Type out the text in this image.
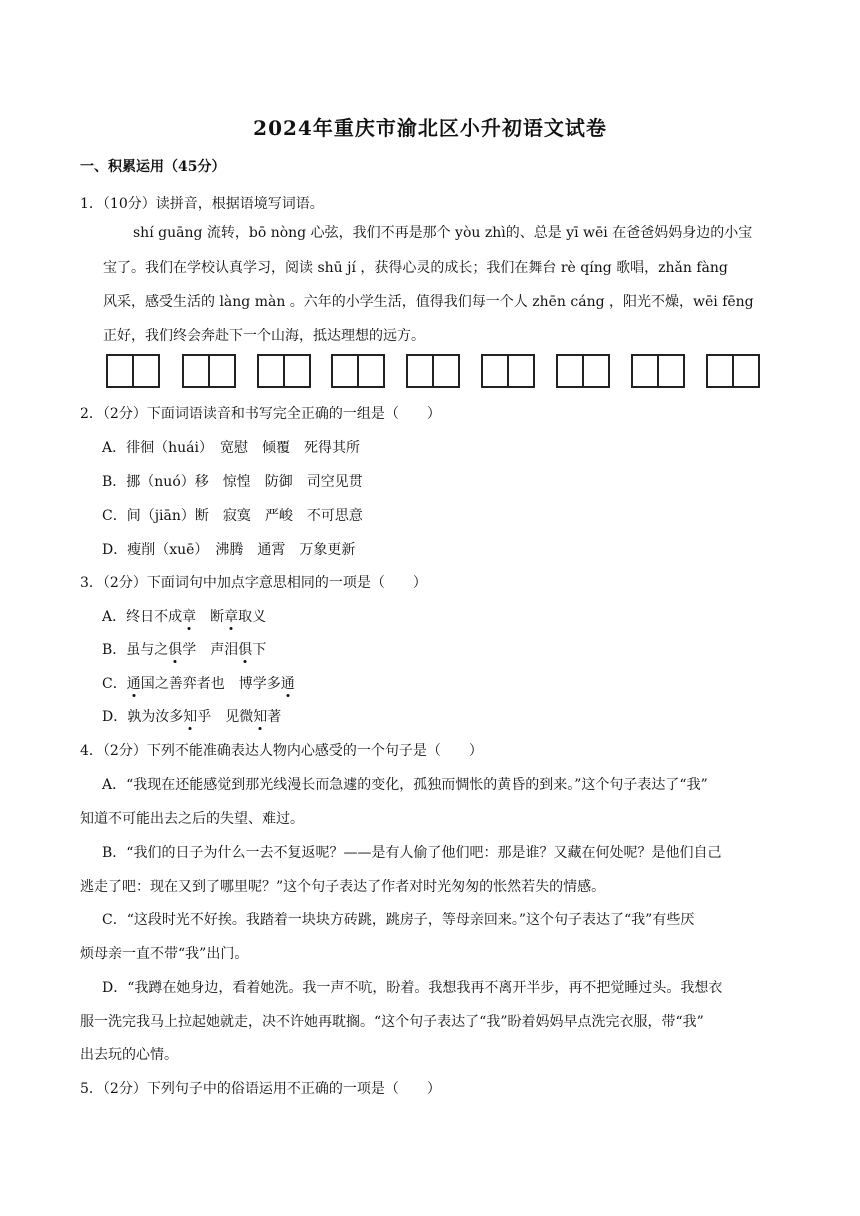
2024年重庆市渝北区小升初语文试卷
一、积累运用（45分）
1．（10分）读拼音，根据语境写词语。
shí guāng 流转，bō nòng 心弦，我们不再是那个 yòu zhì的、总是 yī wēi 在爸爸妈妈身边的小宝
宝了。我们在学校认真学习，阅读 shū jí ，获得心灵的成长；我们在舞台 rè qíng 歌唱，zhǎn fàng
风采，感受生活的 làng màn 。六年的小学生活，值得我们每一个人 zhēn cáng ，阳光不燥，wēi fēng
正好，我们终会奔赴下一个山海，抵达理想的远方。
2．（2分）下面词语读音和书写完全正确的一组是（　　）
A．徘徊（huái）　宽慰　倾覆　死得其所
B．挪（nuó）移　惊惶　防御　司空见贯
C．间（jiān）断　寂寞　严峻　不可思意
D．瘦削（xuē）　沸腾　通霄　万象更新
3．（2分）下面词句中加点字意思相同的一项是（　　）
A．终日不成章　断章取义
B．虽与之俱学　声泪俱下
C．通国之善弈者也　博学多通
D．孰为汝多知乎　见微知著
4．（2分）下列不能准确表达人物内心感受的一个句子是（　　）
A．“我现在还能感觉到那光线漫长而急遽的变化，孤独而惆怅的黄昏的到来。”这个句子表达了“我”
知道不可能出去之后的失望、难过。
B．“我们的日子为什么一去不复返呢？——是有人偷了他们吧：那是谁？又藏在何处呢？是他们自己
逃走了吧：现在又到了哪里呢？”这个句子表达了作者对时光匆匆的怅然若失的情感。
C．“这段时光不好挨。我踏着一块块方砖跳，跳房子，等母亲回来。”这个句子表达了“我”有些厌
烦母亲一直不带“我”出门。
D．“我蹲在她身边，看着她洗。我一声不吭，盼着。我想我再不离开半步，再不把觉睡过头。我想衣
服一洗完我马上拉起她就走，决不许她再耽搁。“这个句子表达了“我”盼着妈妈早点洗完衣服，带“我”
出去玩的心情。
5．（2分）下列句子中的俗语运用不正确的一项是（　　）
